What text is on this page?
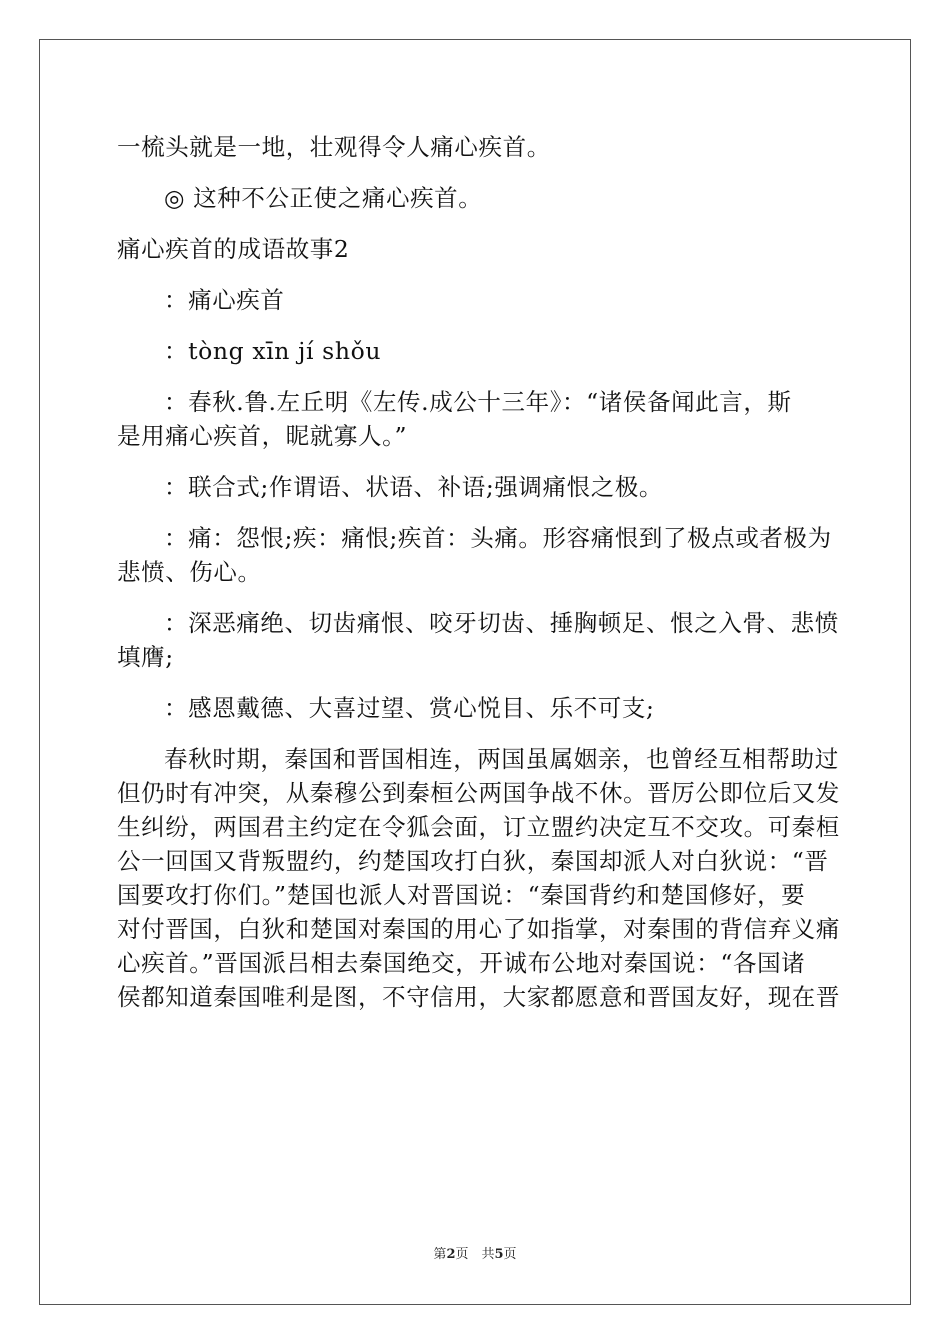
一梳头就是一地，壮观得令人痛心疾首。
◎ 这种不公正使之痛心疾首。
痛心疾首的成语故事2
：痛心疾首
：tòng xīn jí shǒu
：春秋.鲁.左丘明《左传.成公十三年》：“诸侯备闻此言，斯
是用痛心疾首，昵就寡人。”
：联合式;作谓语、状语、补语;强调痛恨之极。
：痛：怨恨;疾：痛恨;疾首：头痛。形容痛恨到了极点或者极为
悲愤、伤心。
：深恶痛绝、切齿痛恨、咬牙切齿、捶胸顿足、恨之入骨、悲愤
填膺;
：感恩戴德、大喜过望、赏心悦目、乐不可支;
春秋时期，秦国和晋国相连，两国虽属姻亲，也曾经互相帮助过
但仍时有冲突，从秦穆公到秦桓公两国争战不休。晋厉公即位后又发
生纠纷，两国君主约定在令狐会面，订立盟约决定互不交攻。可秦桓
公一回国又背叛盟约，约楚国攻打白狄，秦国却派人对白狄说：“晋
国要攻打你们。”楚国也派人对晋国说：“秦国背约和楚国修好，要
对付晋国，白狄和楚国对秦国的用心了如指掌，对秦围的背信弃义痛
心疾首。”晋国派吕相去秦国绝交，开诚布公地对秦国说：“各国诸
侯都知道秦国唯利是图，不守信用，大家都愿意和晋国友好，现在晋
第2页　共5页
